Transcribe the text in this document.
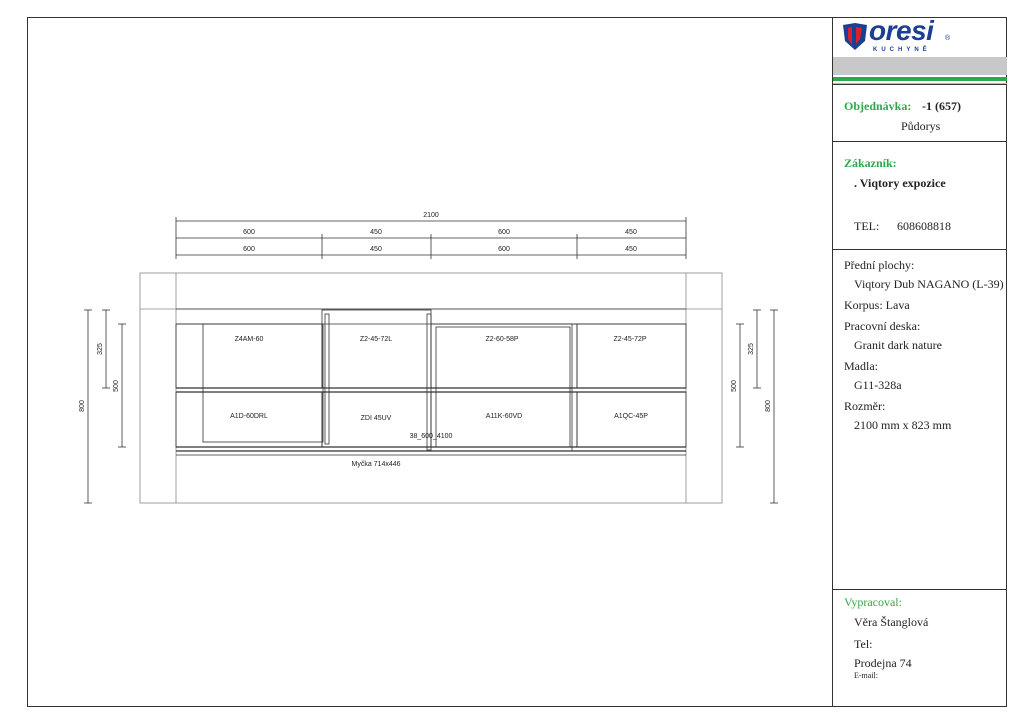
2100
600	450	600	450
600	450	600	450
Z4AM-60	Z2-45-72L	Z2-60-58P	Z2-45-72P
A1D-60DRL	ZDI 45UV	A11K-60VD	A1QC-45P
38_600_4100
Myčka 714x446
800
500
325
500
325
800
oresi ®
KUCHYNĚ
Objednávka: -1 (657)
Půdorys
Zákazník:
. Viqtory expozice
TEL: 608608818
Přední plochy:
Viqtory Dub NAGANO (L-39)
Korpus: Lava
Pracovní deska:
Granit dark nature
Madla:
G11-328a
Rozměr:
2100 mm x 823 mm
Vypracoval:
Věra Štanglová
Tel:
Prodejna 74
E-mail:
